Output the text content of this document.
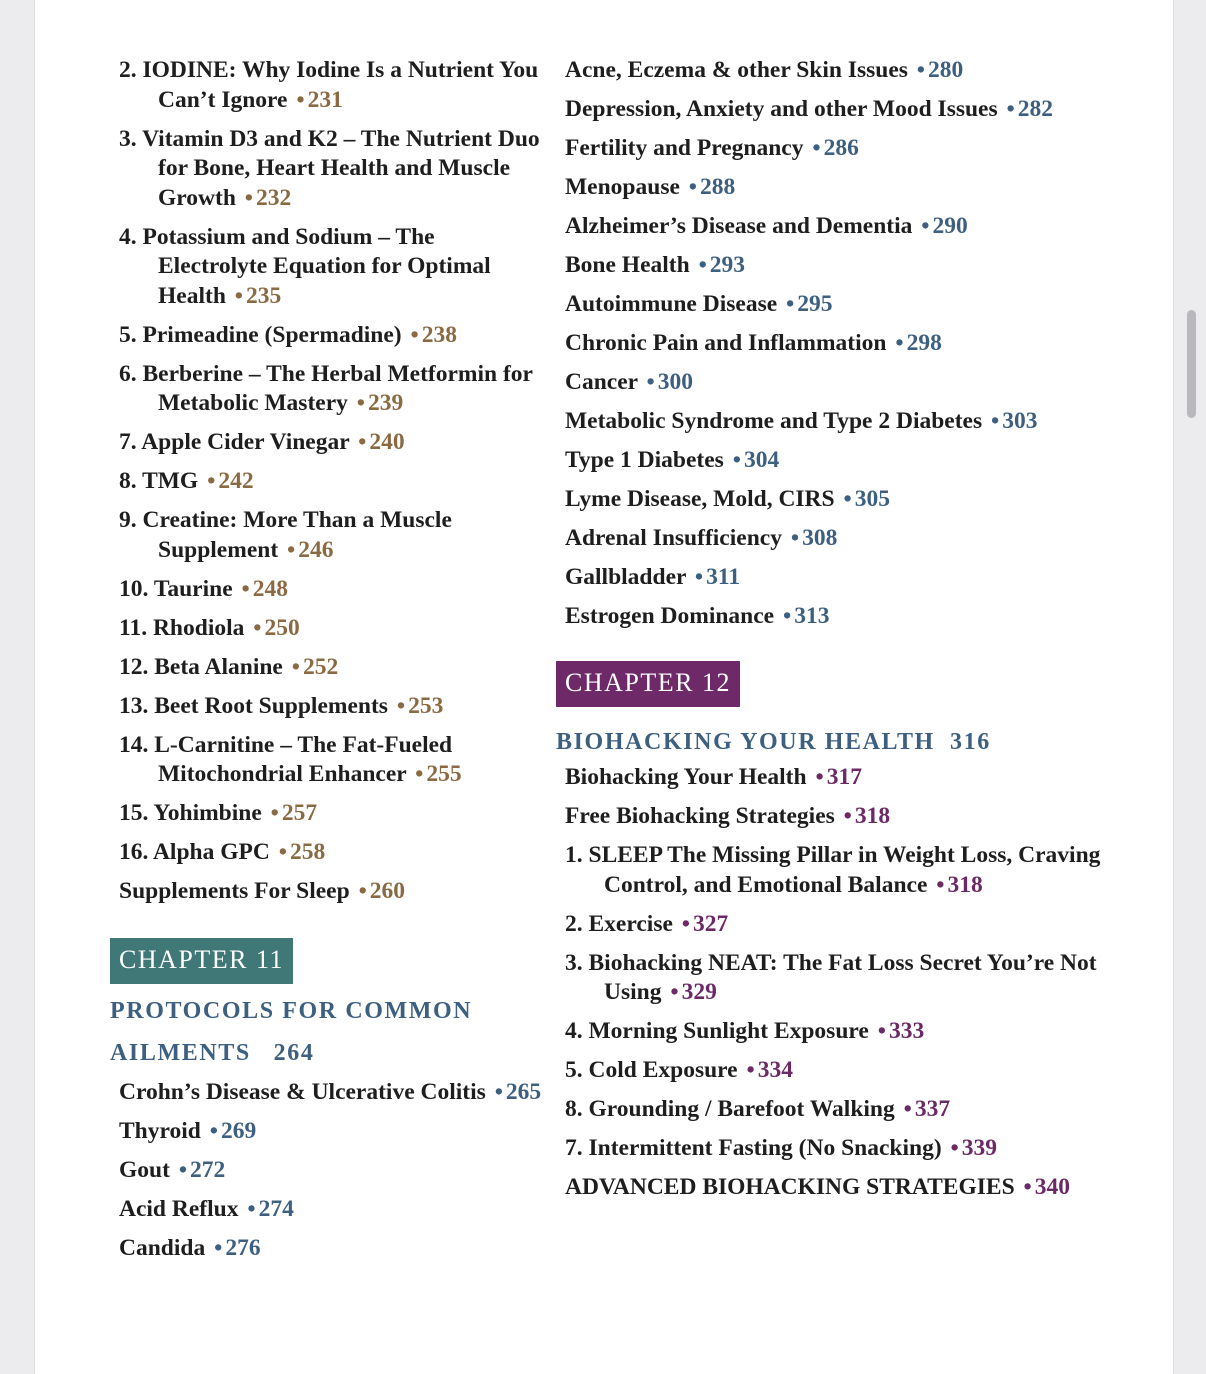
2. IODINE: Why Iodine Is a Nutrient You Can’t Ignore • 231
3. Vitamin D3 and K2 – The Nutrient Duo for Bone, Heart Health and Muscle Growth • 232
4. Potassium and Sodium – The Electrolyte Equation for Optimal Health • 235
5. Primeadine (Spermadine) • 238
6. Berberine – The Herbal Metformin for Metabolic Mastery • 239
7. Apple Cider Vinegar • 240
8. TMG • 242
9. Creatine: More Than a Muscle Supplement • 246
10. Taurine • 248
11. Rhodiola • 250
12. Beta Alanine • 252
13. Beet Root Supplements • 253
14. L-Carnitine – The Fat-Fueled Mitochondrial Enhancer • 255
15. Yohimbine • 257
16. Alpha GPC • 258
Supplements For Sleep • 260
CHAPTER 11
PROTOCOLS FOR COMMON
AILMENTS 264
Crohn’s Disease & Ulcerative Colitis • 265
Thyroid • 269
Gout • 272
Acid Reflux • 274
Candida • 276
Acne, Eczema & other Skin Issues • 280
Depression, Anxiety and other Mood Issues • 282
Fertility and Pregnancy • 286
Menopause • 288
Alzheimer’s Disease and Dementia • 290
Bone Health • 293
Autoimmune Disease • 295
Chronic Pain and Inflammation • 298
Cancer • 300
Metabolic Syndrome and Type 2 Diabetes • 303
Type 1 Diabetes • 304
Lyme Disease, Mold, CIRS • 305
Adrenal Insufficiency • 308
Gallbladder • 311
Estrogen Dominance • 313
CHAPTER 12
BIOHACKING YOUR HEALTH 316
Biohacking Your Health • 317
Free Biohacking Strategies • 318
1. SLEEP The Missing Pillar in Weight Loss, Craving Control, and Emotional Balance • 318
2. Exercise • 327
3. Biohacking NEAT: The Fat Loss Secret You’re Not Using • 329
4. Morning Sunlight Exposure • 333
5. Cold Exposure • 334
8. Grounding / Barefoot Walking • 337
7. Intermittent Fasting (No Snacking) • 339
ADVANCED BIOHACKING STRATEGIES • 340
